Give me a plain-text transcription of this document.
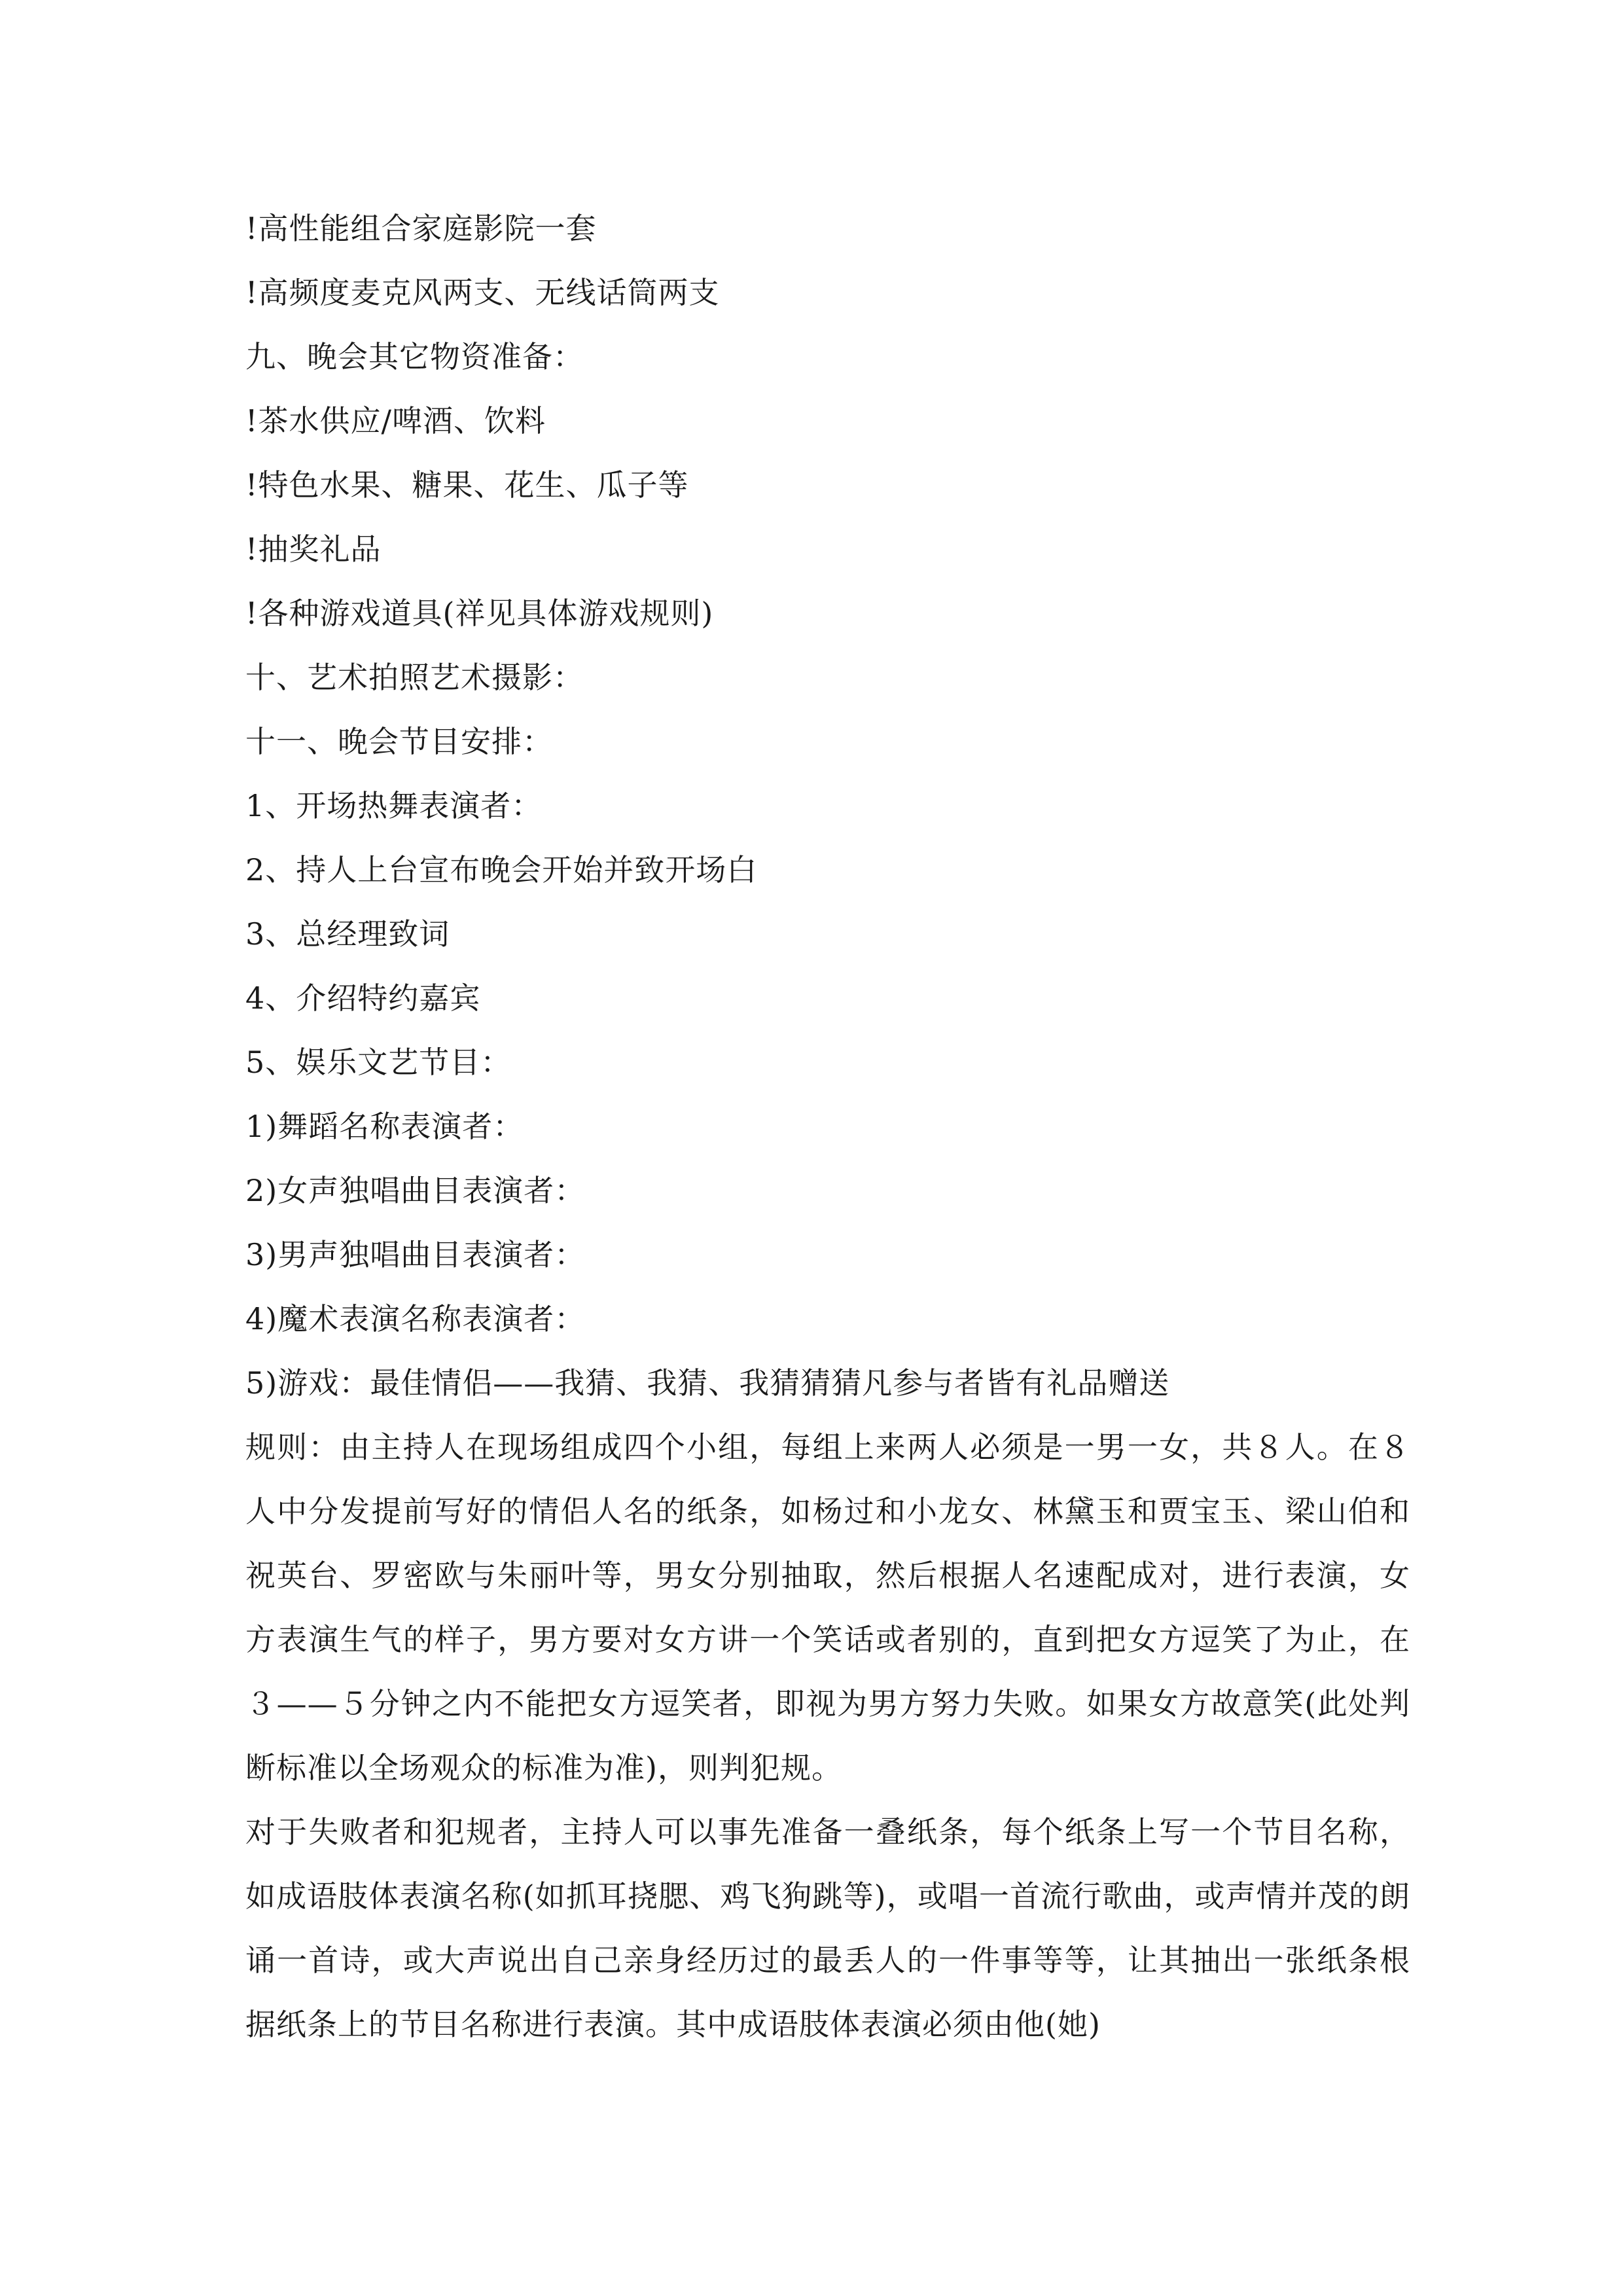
!高性能组合家庭影院一套
!高频度麦克风两支、无线话筒两支
九、晚会其它物资准备：
!茶水供应/啤酒、饮料
!特色水果、糖果、花生、瓜子等
!抽奖礼品
!各种游戏道具(祥见具体游戏规则)
十、艺术拍照艺术摄影：
十一、晚会节目安排：
1、开场热舞表演者：
2、持人上台宣布晚会开始并致开场白
3、总经理致词
4、介绍特约嘉宾
5、娱乐文艺节目：
1)舞蹈名称表演者：
2)女声独唱曲目表演者：
3)男声独唱曲目表演者：
4)魔术表演名称表演者：
5)游戏：最佳情侣——我猜、我猜、我猜猜猜凡参与者皆有礼品赠送
规则：由主持人在现场组成四个小组，每组上来两人必须是一男一女，共８人。在８人中分发提前写好的情侣人名的纸条，如杨过和小龙女、林黛玉和贾宝玉、梁山伯和祝英台、罗密欧与朱丽叶等，男女分别抽取，然后根据人名速配成对，进行表演，女方表演生气的样子，男方要对女方讲一个笑话或者别的，直到把女方逗笑了为止，在３——５分钟之内不能把女方逗笑者，即视为男方努力失败。如果女方故意笑(此处判断标准以全场观众的标准为准)，则判犯规。
对于失败者和犯规者，主持人可以事先准备一叠纸条，每个纸条上写一个节目名称，如成语肢体表演名称(如抓耳挠腮、鸡飞狗跳等)，或唱一首流行歌曲，或声情并茂的朗诵一首诗，或大声说出自己亲身经历过的最丢人的一件事等等，让其抽出一张纸条根据纸条上的节目名称进行表演。其中成语肢体表演必须由他(她)
